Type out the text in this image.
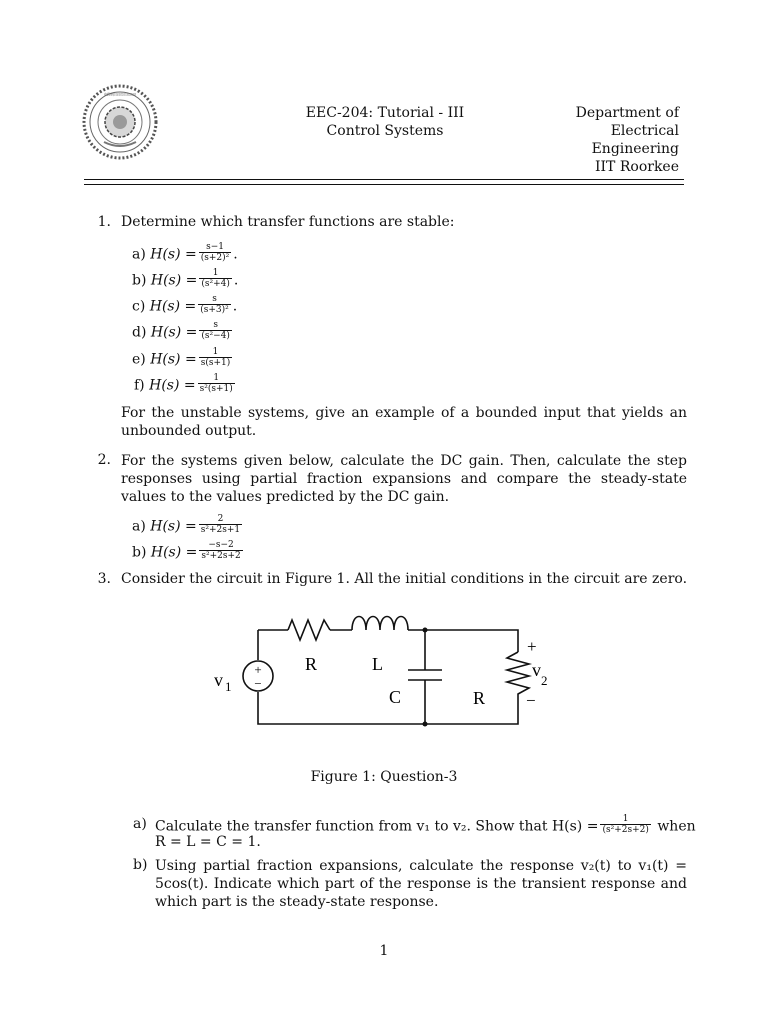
भारतीय प्रौद्योगिकी संस्थान रुड़की · INDIAN INSTITUTE OF TECHNOLOGY ROORKEE
EEC-204: Tutorial - III
Control Systems
Department of
Electrical
Engineering
IIT Roorkee
1. Determine which transfer functions are stable:
a) $H(s) = \frac{s-1}{\text{(s+2)²}}$ .
b) $H(s) = \frac{1}{\text{(s²+4)}}$ .
c) $H(s) = \frac{s}{\text{(s+3)²}}$ .
d) $H(s) = \frac{s}{\text{(s²−4)}}$
e) $H(s) = \frac{1}{s(s+1)}$
f) $H(s) = \frac{1}{\text{s²(s+1)}}$
For the unstable systems, give an example of a bounded input that yields an unbounded output.
2. For the systems given below, calculate the DC gain. Then, calculate the step responses using partial fraction expansions and compare the steady-state values to the values predicted by the DC gain.
a) $H(s) = \frac{2}{\text{s²+2s+1}}$
b) $H(s) = \frac{-s-2}{\text{s²+2s+2}}$
3. Consider the circuit in Figure 1. All the initial conditions in the circuit are zero.
+
−
v 1
R	L
C	R
+
v
2
−
Figure 1: Question-3
a) Calculate the transfer function from v₁ to v₂. Show that $H(s) = \frac{1}{\text{(s²+2s+2)}}$ when
R = L = C = 1.
b) Using partial fraction expansions, calculate the response v₂(t) to v₁(t) = 5cos(t). Indicate which part of the response is the transient response and which part is the steady-state response.
1
